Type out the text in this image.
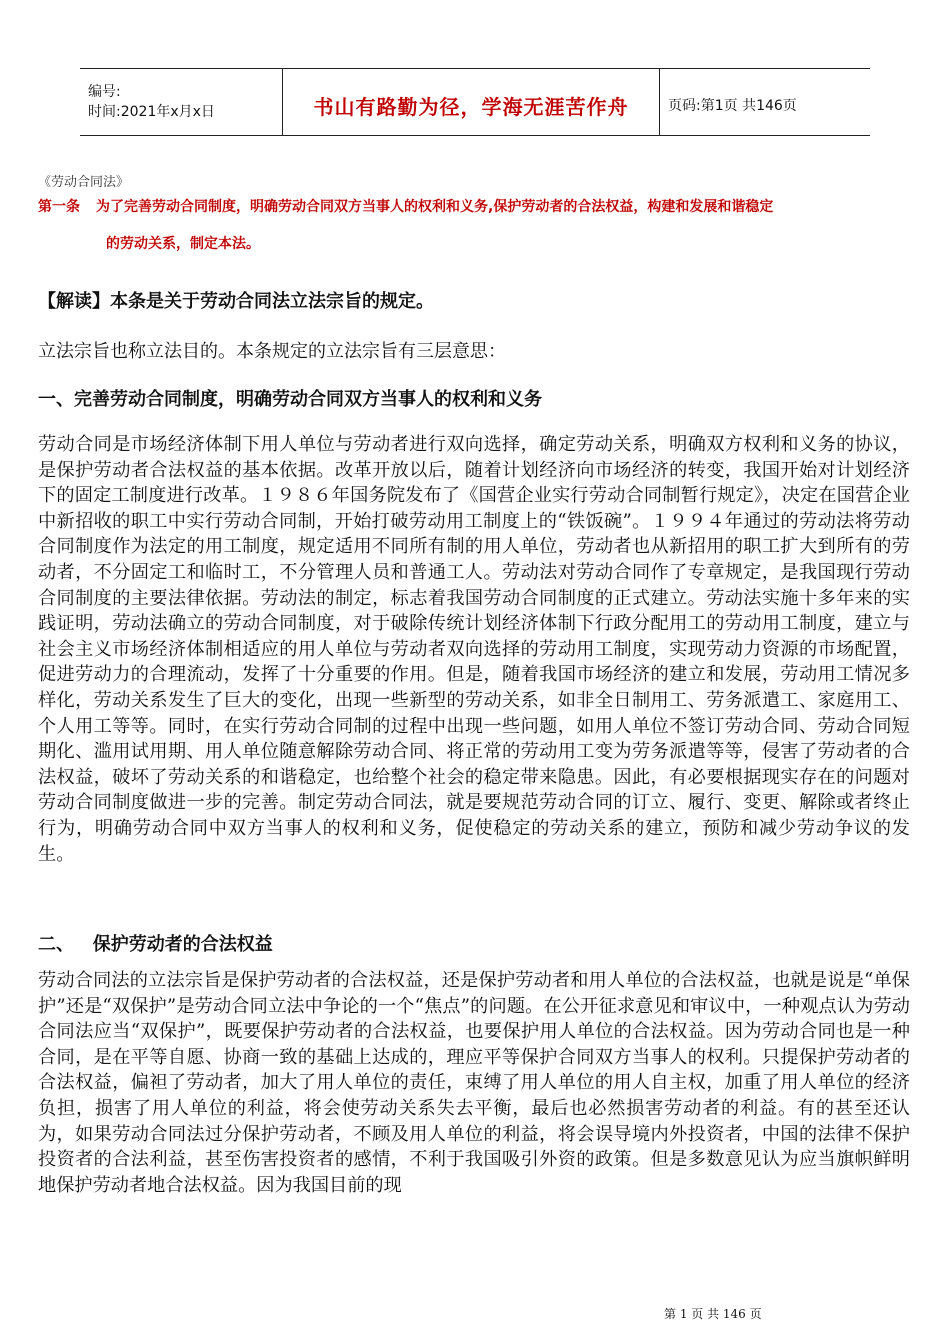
编号:
时间:2021年x月x日	书山有路勤为径，学海无涯苦作舟	页码:第1页 共146页
《劳动合同法》
第一条 为了完善劳动合同制度，明确劳动合同双方当事人的权利和义务,保护劳动者的合法权益，构建和发展和谐稳定
的劳动关系，制定本法。
【解读】本条是关于劳动合同法立法宗旨的规定。
立法宗旨也称立法目的。本条规定的立法宗旨有三层意思：
一、完善劳动合同制度，明确劳动合同双方当事人的权利和义务

劳动合同是市场经济体制下用人单位与劳动者进行双向选择，确定劳动关系，明确双方权利和义务的协议，是保护劳动者合法权益的基本依据。改革开放以后，随着计划经济向市场经济的转变，我国开始对计划经济下的固定工制度进行改革。１９８６年国务院发布了《国营企业实行劳动合同制暂行规定》，决定在国营企业中新招收的职工中实行劳动合同制，开始打破劳动用工制度上的“铁饭碗”。１９９４年通过的劳动法将劳动合同制度作为法定的用工制度，规定适用不同所有制的用人单位，劳动者也从新招用的职工扩大到所有的劳动者，不分固定工和临时工，不分管理人员和普通工人。劳动法对劳动合同作了专章规定，是我国现行劳动合同制度的主要法律依据。劳动法的制定，标志着我国劳动合同制度的正式建立。劳动法实施十多年来的实践证明，劳动法确立的劳动合同制度，对于破除传统计划经济体制下行政分配用工的劳动用工制度，建立与社会主义市场经济体制相适应的用人单位与劳动者双向选择的劳动用工制度，实现劳动力资源的市场配置，促进劳动力的合理流动，发挥了十分重要的作用。但是，随着我国市场经济的建立和发展，劳动用工情况多样化，劳动关系发生了巨大的变化，出现一些新型的劳动关系，如非全日制用工、劳务派遣工、家庭用工、个人用工等等。同时，在实行劳动合同制的过程中出现一些问题，如用人单位不签订劳动合同、劳动合同短期化、滥用试用期、用人单位随意解除劳动合同、将正常的劳动用工变为劳务派遣等等，侵害了劳动者的合法权益，破坏了劳动关系的和谐稳定，也给整个社会的稳定带来隐患。因此，有必要根据现实存在的问题对劳动合同制度做进一步的完善。制定劳动合同法，就是要规范劳动合同的订立、履行、变更、解除或者终止行为，明确劳动合同中双方当事人的权利和义务，促使稳定的劳动关系的建立，预防和减少劳动争议的发生。

二、   保护劳动者的合法权益

劳动合同法的立法宗旨是保护劳动者的合法权益，还是保护劳动者和用人单位的合法权益，也就是说是“单保护”还是“双保护”是劳动合同立法中争论的一个“焦点”的问题。在公开征求意见和审议中，一种观点认为劳动合同法应当“双保护”，既要保护劳动者的合法权益，也要保护用人单位的合法权益。因为劳动合同也是一种合同，是在平等自愿、协商一致的基础上达成的，理应平等保护合同双方当事人的权利。只提保护劳动者的合法权益，偏袒了劳动者，加大了用人单位的责任，束缚了用人单位的用人自主权，加重了用人单位的经济负担，损害了用人单位的利益，将会使劳动关系失去平衡，最后也必然损害劳动者的利益。有的甚至还认为，如果劳动合同法过分保护劳动者，不顾及用人单位的利益，将会误导境内外投资者，中国的法律不保护投资者的合法利益，甚至伤害投资者的感情，不利于我国吸引外资的政策。但是多数意见认为应当旗帜鲜明地保护劳动者地合法权益。因为我国目前的现

第 1 页 共 146 页
